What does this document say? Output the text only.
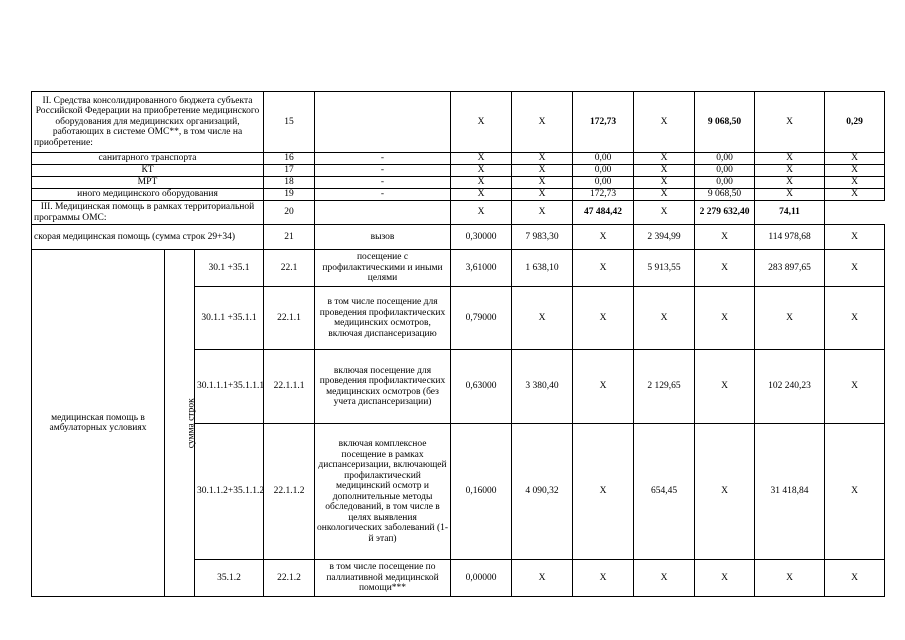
II. Средства консолидированного бюджета субъекта Российской Федерации на приобретение медицинского оборудования для медицинских организаций, работающих в системе ОМС**, в том числе на приобретение:			15		X	X	172,73	X	9 068,50	X	0,29
санитарного транспорта			16	-	X	X	0,00	X	0,00	X	X
КТ			17	-	X	X	0,00	X	0,00	X	X
МРТ			18	-	X	X	0,00	X	0,00	X	X
иного медицинского оборудования			19	-	X	X	172,73	X	9 068,50	X	X
III. Медицинская помощь в рамках территориальной программы ОМС:			20		X	X	47 484,42	X	2 279 632,40	74,11	
скорая медицинская помощь (сумма строк 29+34)			21	вызов	0,30000	7 983,30	X	2 394,99	X	114 978,68	X
медицинская помощь в амбулаторных условиях	сумма строк	30.1 +35.1	22.1	посещение с профилактическими и иными целями	3,61000	1 638,10	X	5 913,55	X	283 897,65	X
		30.1.1 +35.1.1	22.1.1	в том числе посещение для проведения профилактических медицинских осмотров, включая диспансеризацию	0,79000	X	X	X	X	X	X
		30.1.1.1+35.1.1.1	22.1.1.1	включая посещение для проведения профилактических медицинских осмотров (без учета диспансеризации)	0,63000	3 380,40	X	2 129,65	X	102 240,23	X
		30.1.1.2+35.1.1.2	22.1.1.2	включая комплексное посещение в рамках диспансеризации, включающей профилактический медицинский осмотр и дополнительные методы обследований, в том числе в целях выявления онкологических заболеваний (1-й этап)	0,16000	4 090,32	X	654,45	X	31 418,84	X
		35.1.2	22.1.2	в том числе посещение по паллиативной медицинской помощи***	0,00000	X	X	X	X	X	X
